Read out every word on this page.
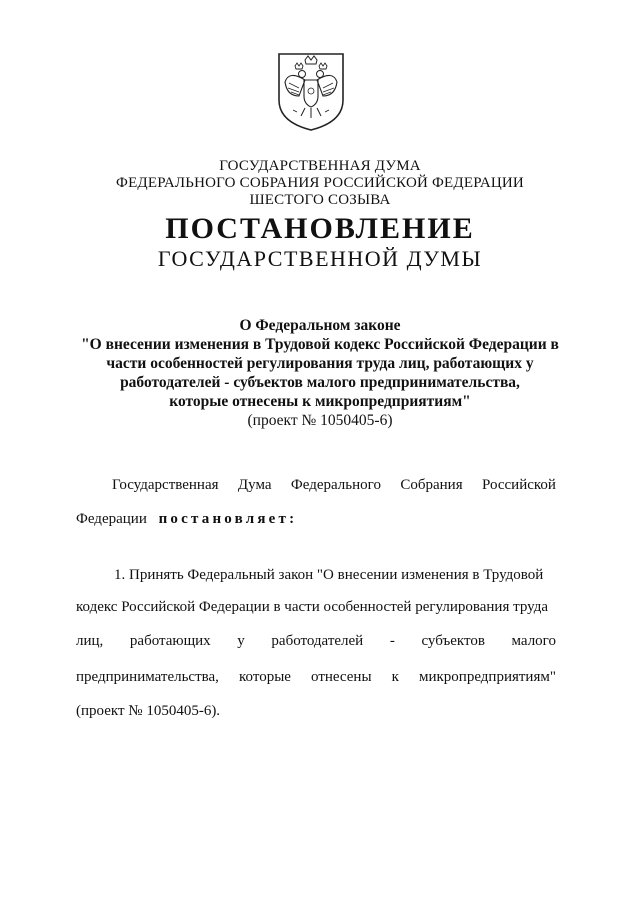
ГОСУДАРСТВЕННАЯ ДУМА
ФЕДЕРАЛЬНОГО СОБРАНИЯ РОССИЙСКОЙ ФЕДЕРАЦИИ
ШЕСТОГО СОЗЫВА
ПОСТАНОВЛЕНИЕ
ГОСУДАРСТВЕННОЙ ДУМЫ
О Федеральном законе
"О внесении изменения в Трудовой кодекс Российской Федерации в
части особенностей регулирования труда лиц, работающих у
работодателей - субъектов малого предпринимательства,
которые отнесены к микропредприятиям"
(проект № 1050405-6)
Государственная Дума Федерального Собрания Российской
Федерации постановляет:
1. Принять Федеральный закон "О внесении изменения в Трудовой
кодекс Российской Федерации в части особенностей регулирования труда
лиц, работающих у работодателей - субъектов малого
предпринимательства, которые отнесены к микропредприятиям"
(проект № 1050405-6).
